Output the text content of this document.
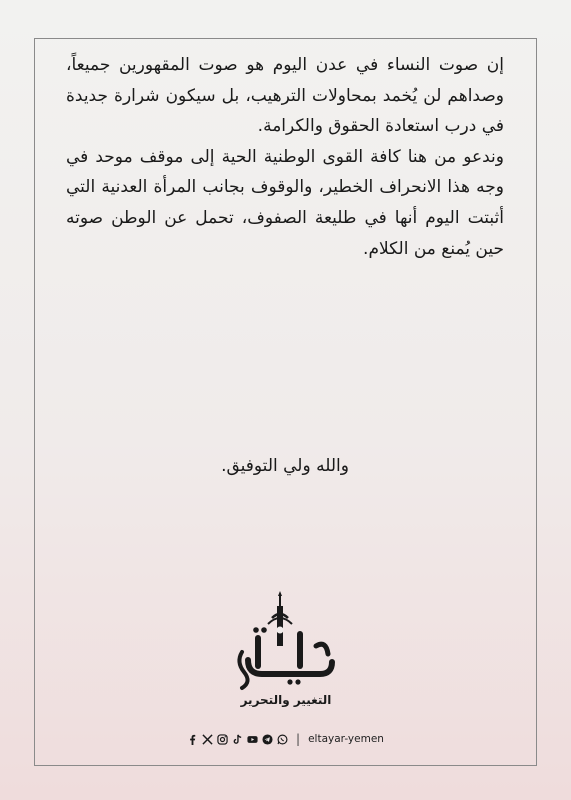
إن صوت النساء في عدن اليوم هو صوت المقهورين جميعاً، وصداهم لن يُخمد بمحاولات الترهيب، بل سيكون شرارة جديدة في درب استعادة الحقوق والكرامة.

وندعو من هنا كافة القوى الوطنية الحية إلى موقف موحد في وجه هذا الانحراف الخطير، والوقوف بجانب المرأة العدنية التي أثبتت اليوم أنها في طليعة الصفوف، تحمل عن الوطن صوته حين يُمنع من الكلام.

والله ولي التوفيق.
التغيير والتحرير
| eltayar-yemen
